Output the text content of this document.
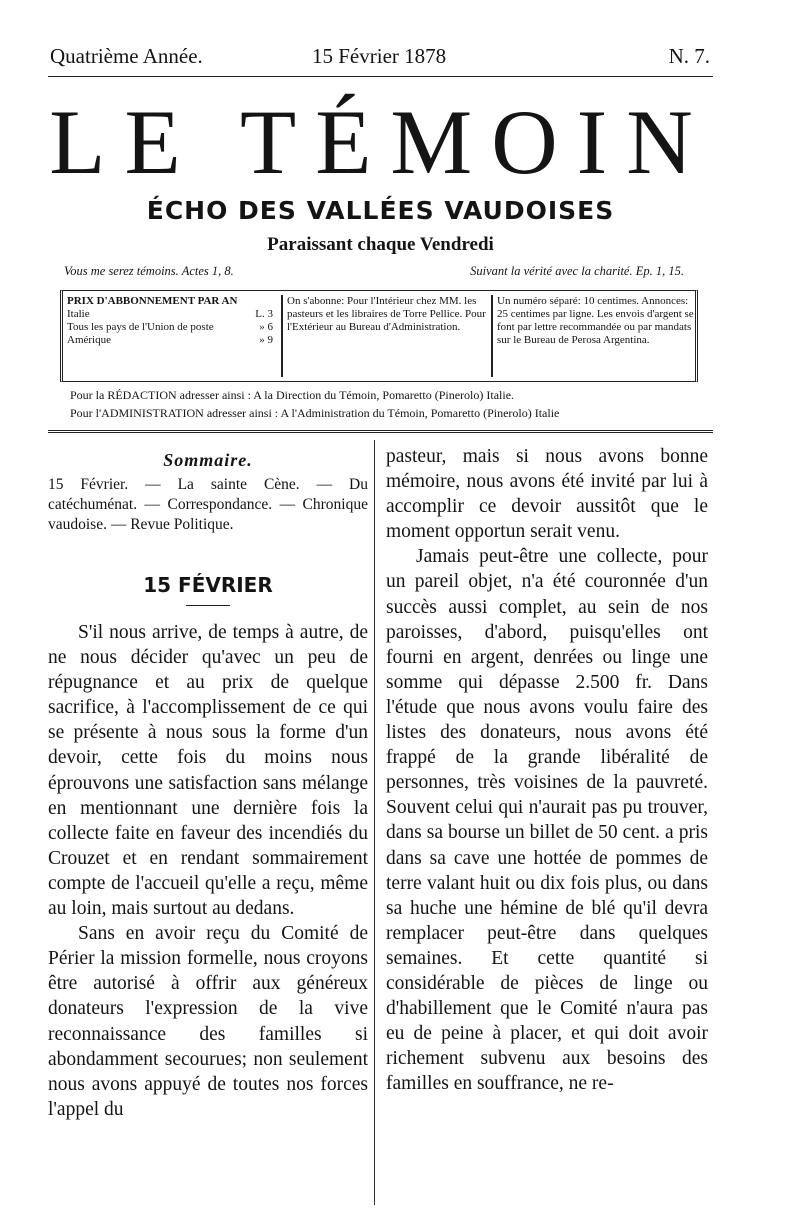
Quatrième Année.	15 Février 1878	N. 7.
LE TÉMOIN
ÉCHO DES VALLÉES VAUDOISES
Paraissant chaque Vendredi
Vous me serez témoins. Actes 1, 8.	Suivant la vérité avec la charité. Ep. 1, 15.
PRIX D'ABBONNEMENT PAR AN
Italie	L. 3
Tous les pays de l'Union de poste	» 6
Amérique	» 9
On s'abonne: Pour l'Intérieur chez MM. les pasteurs et les libraires de Torre Pellice. Pour l'Extérieur au Bureau d'Administration.
Un numéro séparé: 10 centimes. Annonces: 25 centimes par ligne. Les envois d'argent se font par lettre recommandée ou par mandats sur le Bureau de Perosa Argentina.
Pour la RÉDACTION adresser ainsi : A la Direction du Témoin, Pomaretto (Pinerolo) Italie.
Pour l'ADMINISTRATION adresser ainsi : A l'Administration du Témoin, Pomaretto (Pinerolo) Italie
Sommaire.
15 Février. — La sainte Cène. — Du catéchuménat. — Correspondance. — Chronique vaudoise. — Revue Politique.
15 FÉVRIER

S'il nous arrive, de temps à autre, de ne nous décider qu'avec un peu de répugnance et au prix de quelque sacrifice, à l'accomplissement de ce qui se présente à nous sous la forme d'un devoir, cette fois du moins nous éprouvons une satisfaction sans mélange en mentionnant une dernière fois la collecte faite en faveur des incendiés du Crouzet et en rendant sommairement compte de l'accueil qu'elle a reçu, même au loin, mais surtout au dedans.

Sans en avoir reçu du Comité de Périer la mission formelle, nous croyons être autorisé à offrir aux généreux donateurs l'expression de la vive reconnaissance des familles si abondamment secourues; non seulement nous avons appuyé de toutes nos forces l'appel du

pasteur, mais si nous avons bonne mémoire, nous avons été invité par lui à accomplir ce devoir aussitôt que le moment opportun serait venu.

Jamais peut-être une collecte, pour un pareil objet, n'a été couronnée d'un succès aussi complet, au sein de nos paroisses, d'abord, puisqu'elles ont fourni en argent, denrées ou linge une somme qui dépasse 2.500 fr. Dans l'étude que nous avons voulu faire des listes des donateurs, nous avons été frappé de la grande libéralité de personnes, très voisines de la pauvreté. Souvent celui qui n'aurait pas pu trouver, dans sa bourse un billet de 50 cent. a pris dans sa cave une hottée de pommes de terre valant huit ou dix fois plus, ou dans sa huche une hémine de blé qu'il devra remplacer peut-être dans quelques semaines. Et cette quantité si considérable de pièces de linge ou d'habillement que le Comité n'aura pas eu de peine à placer, et qui doit avoir richement subvenu aux besoins des familles en souffrance, ne re-
